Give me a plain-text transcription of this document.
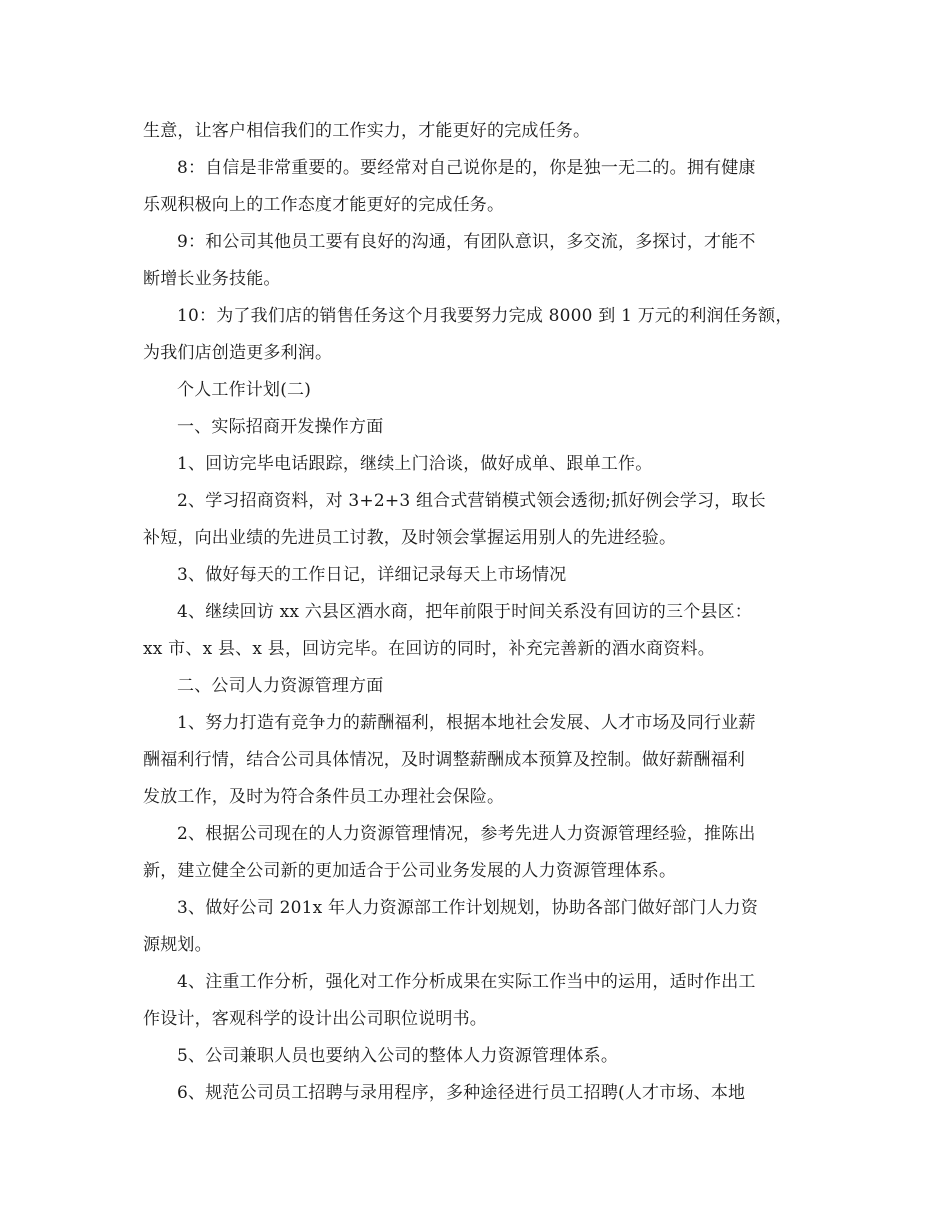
生意，让客户相信我们的工作实力，才能更好的完成任务。

8：自信是非常重要的。要经常对自己说你是的，你是独一无二的。拥有健康
乐观积极向上的工作态度才能更好的完成任务。

9：和公司其他员工要有良好的沟通，有团队意识，多交流，多探讨，才能不
断增长业务技能。

10：为了我们店的销售任务这个月我要努力完成 8000 到 1 万元的利润任务额，
为我们店创造更多利润。

个人工作计划(二)

一、实际招商开发操作方面

1、回访完毕电话跟踪，继续上门洽谈，做好成单、跟单工作。

2、学习招商资料，对 3+2+3 组合式营销模式领会透彻;抓好例会学习，取长
补短，向出业绩的先进员工讨教，及时领会掌握运用别人的先进经验。

3、做好每天的工作日记，详细记录每天上市场情况

4、继续回访 xx 六县区酒水商，把年前限于时间关系没有回访的三个县区：
xx 市、x 县、x 县，回访完毕。在回访的同时，补充完善新的酒水商资料。

二、公司人力资源管理方面

1、努力打造有竞争力的薪酬福利，根据本地社会发展、人才市场及同行业薪
酬福利行情，结合公司具体情况，及时调整薪酬成本预算及控制。做好薪酬福利
发放工作，及时为符合条件员工办理社会保险。

2、根据公司现在的人力资源管理情况，参考先进人力资源管理经验，推陈出
新，建立健全公司新的更加适合于公司业务发展的人力资源管理体系。

3、做好公司 201x 年人力资源部工作计划规划，协助各部门做好部门人力资
源规划。

4、注重工作分析，强化对工作分析成果在实际工作当中的运用，适时作出工
作设计，客观科学的设计出公司职位说明书。

5、公司兼职人员也要纳入公司的整体人力资源管理体系。

6、规范公司员工招聘与录用程序，多种途径进行员工招聘(人才市场、本地
